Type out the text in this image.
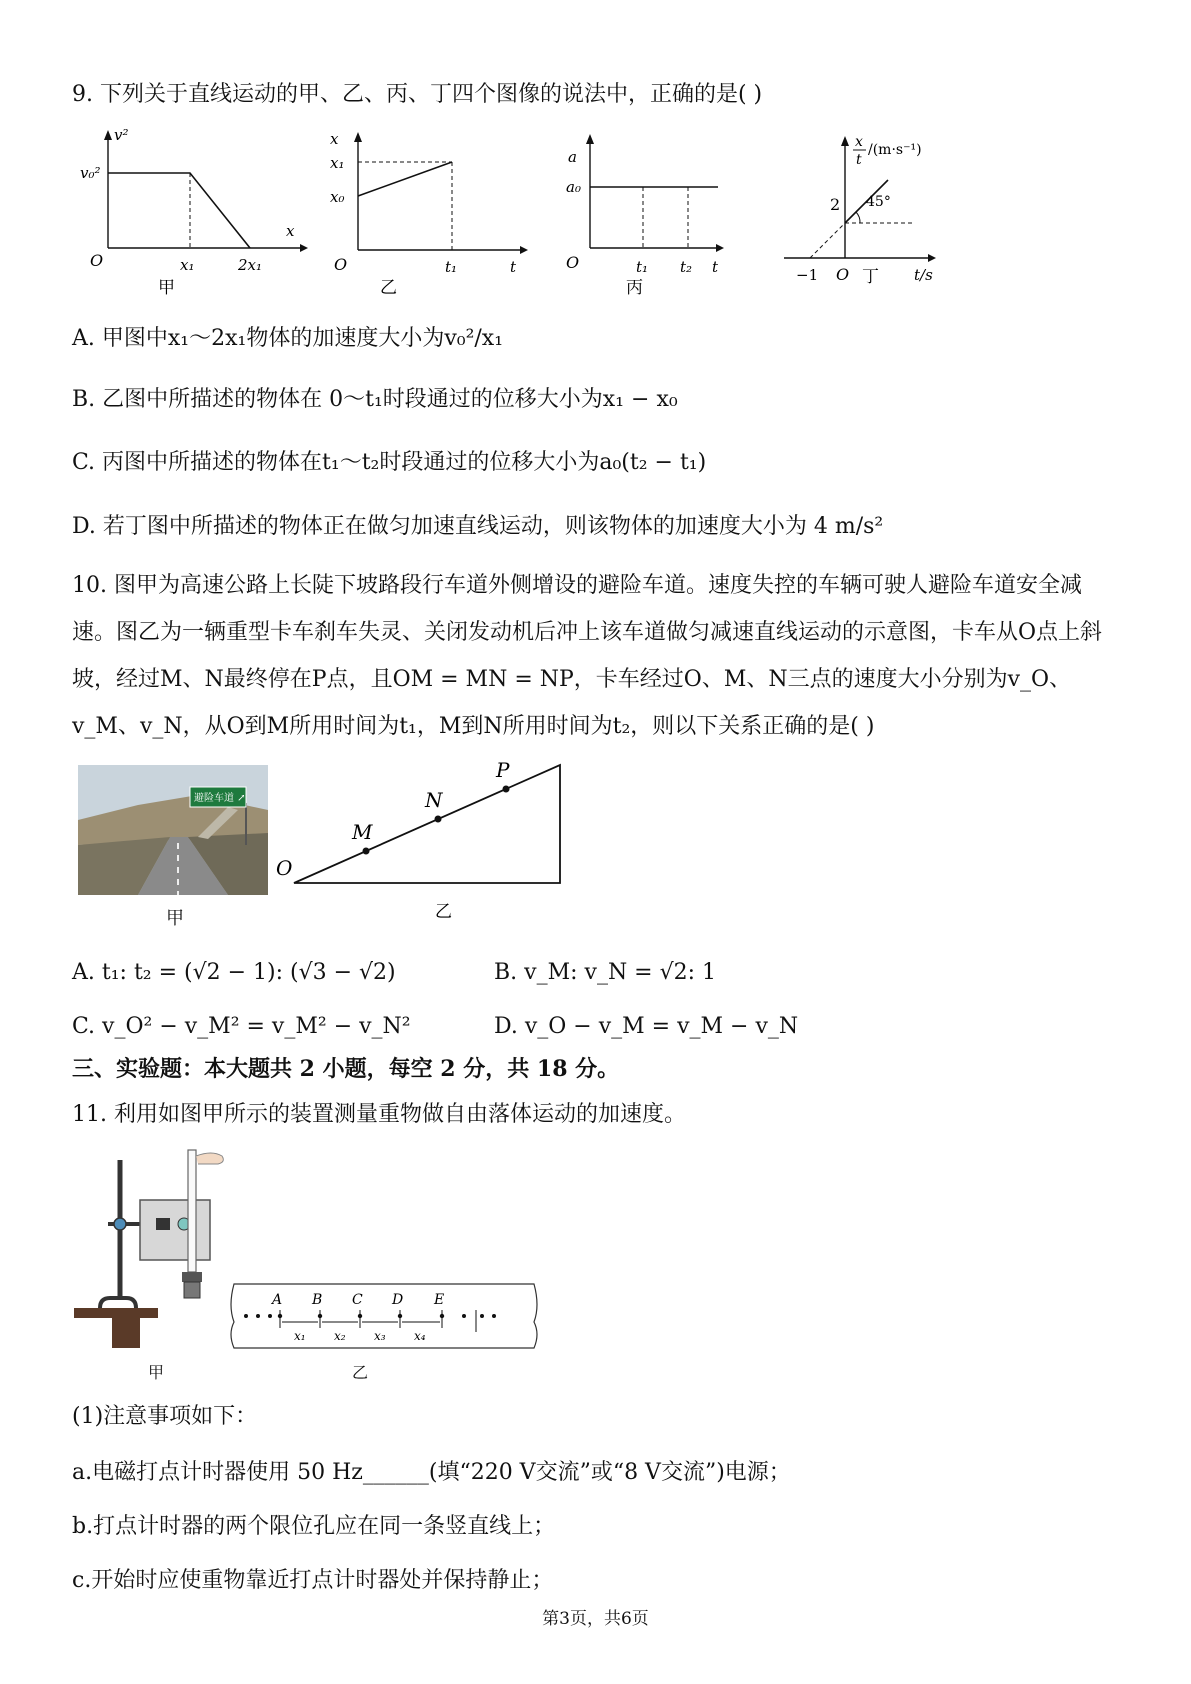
9. 下列关于直线运动的甲、乙、丙、丁四个图像的说法中，正确的是( )
v²
v₀²
O	x₁	2x₁
x
甲
x
x₁
x₀
O	t₁	t
乙
a
a₀
O	t₁ t₂ t
丙
x
t
/(m·s⁻¹)
2 45°
−1 O 丁 t/s
A. 甲图中x₁～2x₁物体的加速度大小为v₀²/x₁
B. 乙图中所描述的物体在 0～t₁时段通过的位移大小为x₁ − x₀
C. 丙图中所描述的物体在t₁～t₂时段通过的位移大小为a₀(t₂ − t₁)
D. 若丁图中所描述的物体正在做匀加速直线运动，则该物体的加速度大小为 4 m/s²
10. 图甲为高速公路上长陡下坡路段行车道外侧增设的避险车道。速度失控的车辆可驶人避险车道安全减速。图乙为一辆重型卡车刹车失灵、关闭发动机后冲上该车道做匀减速直线运动的示意图，卡车从O点上斜坡，经过M、N最终停在P点，且OM = MN = NP，卡车经过O、M、N三点的速度大小分别为v_O、v_M、v_N，从O到M所用时间为t₁，M到N所用时间为t₂，则以下关系正确的是( )
避险车道 ↗
甲
O
M
N
P
乙
A. t₁: t₂ = (√2 − 1): (√3 − √2)	B. v_M: v_N = √2: 1
C. v_O² − v_M² = v_M² − v_N²	D. v_O − v_M = v_M − v_N
三、实验题：本大题共 2 小题，每空 2 分，共 18 分。
11. 利用如图甲所示的装置测量重物做自由落体运动的加速度。
甲
A B C D E
x₁ x₂ x₃ x₄
乙
(1)注意事项如下：
a.电磁打点计时器使用 50 Hz______(填“220 V交流”或“8 V交流”)电源；
b.打点计时器的两个限位孔应在同一条竖直线上；
c.开始时应使重物靠近打点计时器处并保持静止；
第3页，共6页
